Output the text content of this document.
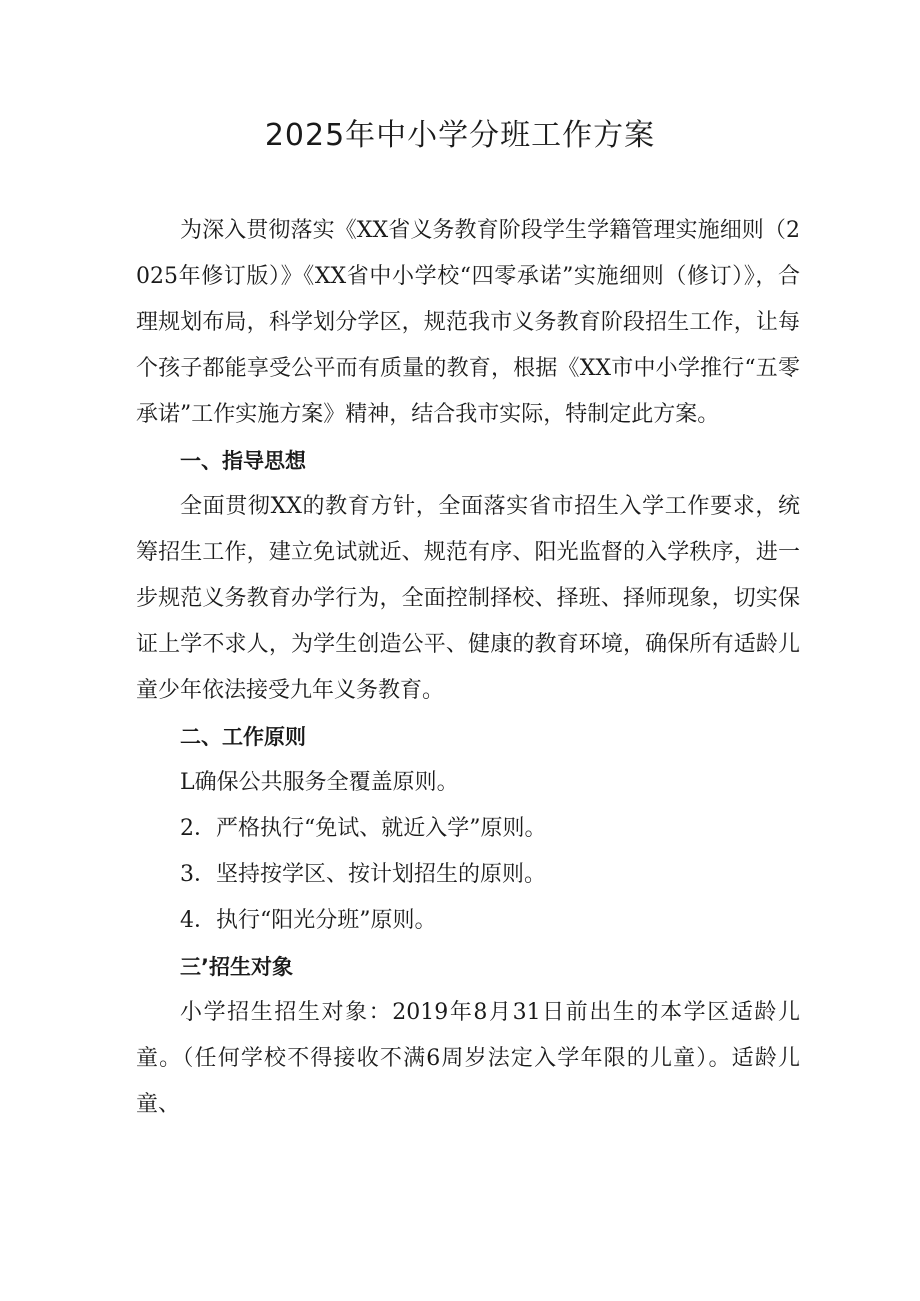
2025年中小学分班工作方案

为深入贯彻落实《XX省义务教育阶段学生学籍管理实施细则（2025年修订版）》《XX省中小学校“四零承诺”实施细则（修订）》，合理规划布局，科学划分学区，规范我市义务教育阶段招生工作，让每个孩子都能享受公平而有质量的教育，根据《XX市中小学推行“五零承诺”工作实施方案》精神，结合我市实际，特制定此方案。

一、指导思想

全面贯彻XX的教育方针，全面落实省市招生入学工作要求，统筹招生工作，建立免试就近、规范有序、阳光监督的入学秩序，进一步规范义务教育办学行为，全面控制择校、择班、择师现象，切实保证上学不求人，为学生创造公平、健康的教育环境，确保所有适龄儿童少年依法接受九年义务教育。

二、工作原则

L确保公共服务全覆盖原则。

2．严格执行“免试、就近入学”原则。

3．坚持按学区、按计划招生的原则。

4．执行“阳光分班”原则。

三’招生对象

小学招生招生对象：2019年8月31日前出生的本学区适龄儿童。（任何学校不得接收不满6周岁法定入学年限的儿童）。适龄儿童、
